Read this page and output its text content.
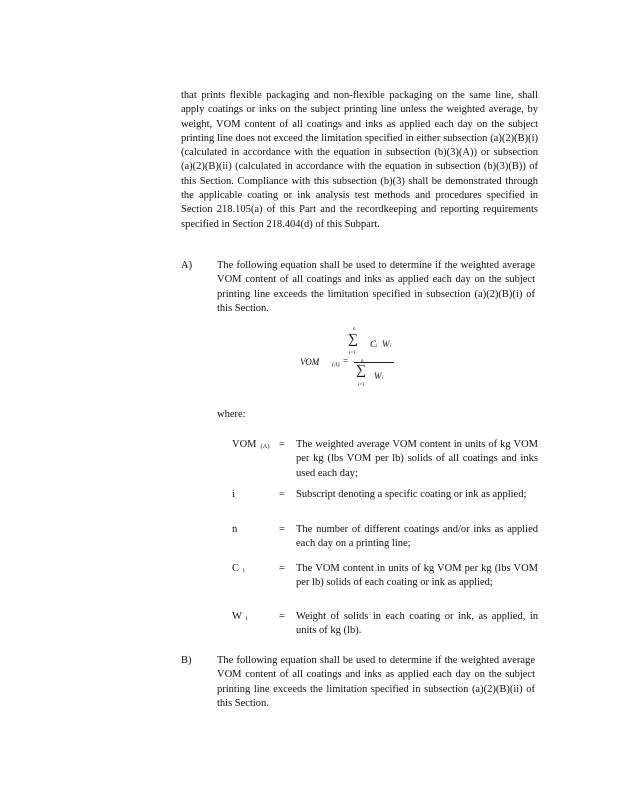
that prints flexible packaging and non-flexible packaging on the same line, shall apply coatings or inks on the subject printing line unless the weighted average, by weight, VOM content of all coatings and inks as applied each day on the subject printing line does not exceed the limitation specified in either subsection (a)(2)(B)(i) (calculated in accordance with the equation in subsection (b)(3)(A)) or subsection (a)(2)(B)(ii) (calculated in accordance with the equation in subsection (b)(3)(B)) of this Section. Compliance with this subsection (b)(3) shall be demonstrated through the applicable coating or ink analysis test methods and procedures specified in Section 218.105(a) of this Part and the recordkeeping and reporting requirements specified in Section 218.404(d) of this Subpart.
A) The following equation shall be used to determine if the weighted average VOM content of all coatings and inks as applied each day on the subject printing line exceeds the limitation specified in subsection (a)(2)(B)(i) of this Section.
VOM (A) =
n
∑
i=1
C i W i
n
∑ W i
i=1
where:
VOM $_{(A)}$ = The weighted average VOM content in units of kg VOM per kg (lbs VOM per lb) solids of all coatings and inks used each day;
i	= Subscript denoting a specific coating or ink as applied;
n	= The number of different coatings and/or inks as applied each day on a printing line;
C $_i$	= The VOM content in units of kg VOM per kg (lbs VOM per lb) solids of each coating or ink as applied;
W $_i$	= Weight of solids in each coating or ink, as applied, in units of kg (lb).
B) The following equation shall be used to determine if the weighted average VOM content of all coatings and inks as applied each day on the subject printing line exceeds the limitation specified in subsection (a)(2)(B)(ii) of this Section.
